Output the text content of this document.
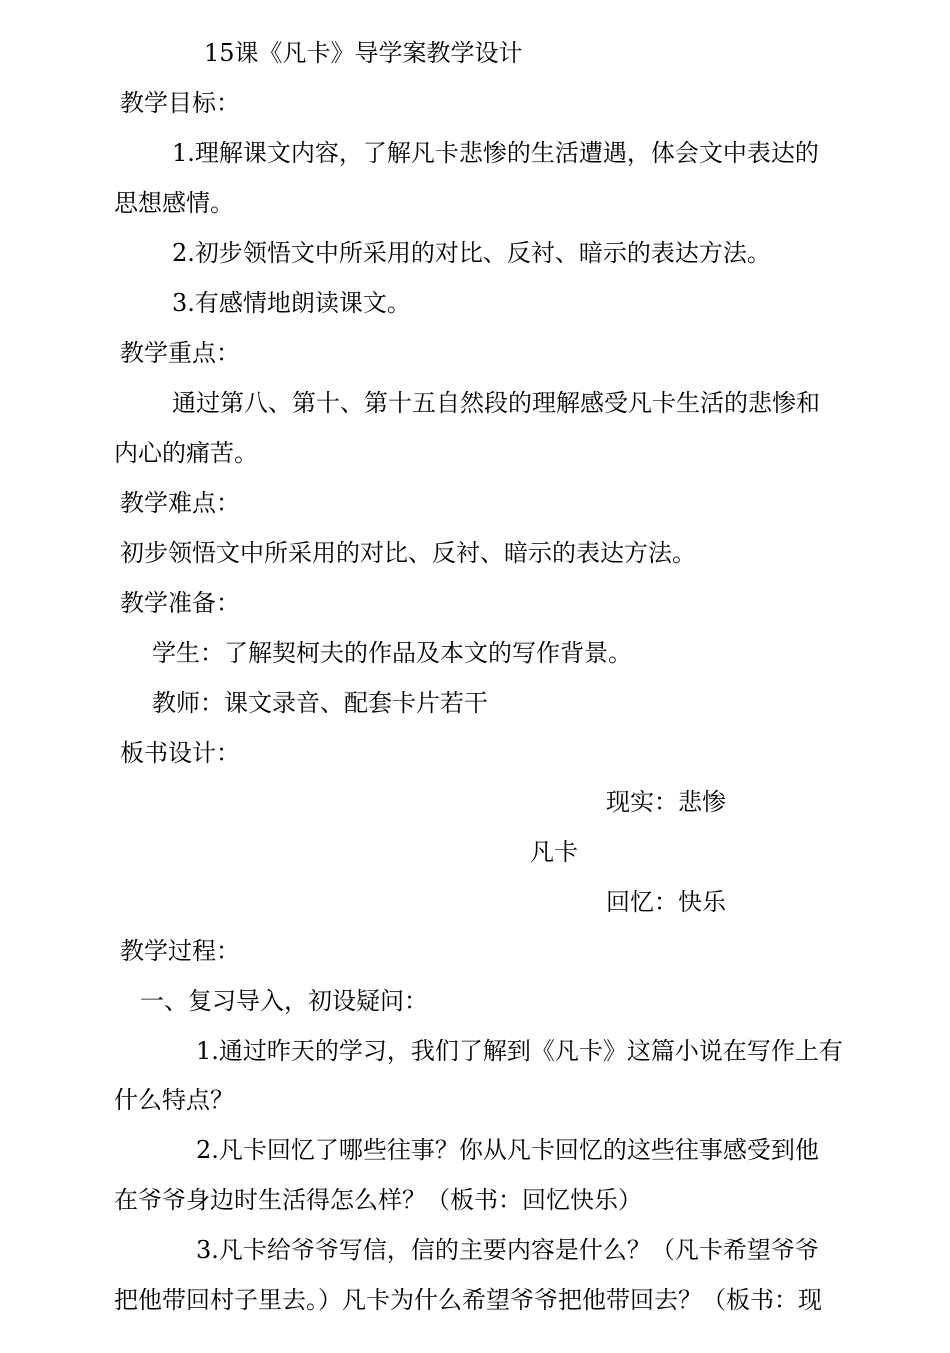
15课《凡卡》导学案教学设计
教学目标：
1.理解课文内容，了解凡卡悲惨的生活遭遇，体会文中表达的
思想感情。
2.初步领悟文中所采用的对比、反衬、暗示的表达方法。
3.有感情地朗读课文。
教学重点：
通过第八、第十、第十五自然段的理解感受凡卡生活的悲惨和
内心的痛苦。
教学难点：
初步领悟文中所采用的对比、反衬、暗示的表达方法。
教学准备：
学生：了解契柯夫的作品及本文的写作背景。
教师：课文录音、配套卡片若干
板书设计：
现实：悲惨
凡卡
回忆：快乐
教学过程：
一、复习导入，初设疑问：
1.通过昨天的学习，我们了解到《凡卡》这篇小说在写作上有
什么特点？
2.凡卡回忆了哪些往事？你从凡卡回忆的这些往事感受到他
在爷爷身边时生活得怎么样？（板书：回忆快乐）
3.凡卡给爷爷写信，信的主要内容是什么？（凡卡希望爷爷
把他带回村子里去。）凡卡为什么希望爷爷把他带回去？（板书：现
